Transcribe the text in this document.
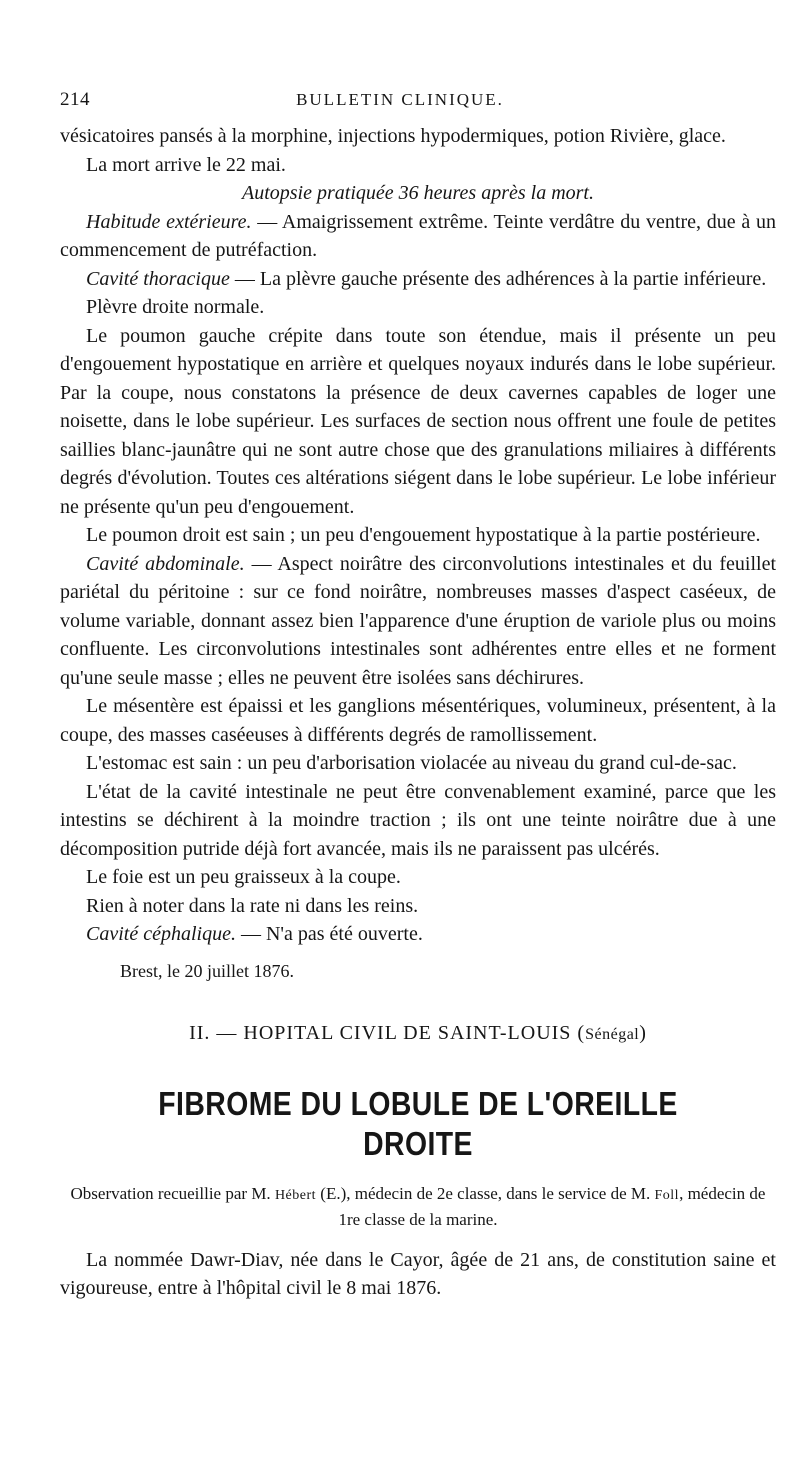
214	BULLETIN CLINIQUE.

vésicatoires pansés à la morphine, injections hypodermiques, potion Rivière, glace.

La mort arrive le 22 mai.

Autopsie pratiquée 36 heures après la mort.

Habitude extérieure. — Amaigrissement extrême. Teinte verdâtre du ventre, due à un commencement de putréfaction.

Cavité thoracique — La plèvre gauche présente des adhérences à la partie inférieure.

Plèvre droite normale.

Le poumon gauche crépite dans toute son étendue, mais il présente un peu d'engouement hypostatique en arrière et quelques noyaux indurés dans le lobe supérieur. Par la coupe, nous constatons la présence de deux cavernes capables de loger une noisette, dans le lobe supérieur. Les surfaces de section nous offrent une foule de petites saillies blanc-jaunâtre qui ne sont autre chose que des granulations miliaires à différents degrés d'évolution. Toutes ces altérations siégent dans le lobe supérieur. Le lobe inférieur ne présente qu'un peu d'engouement.

Le poumon droit est sain ; un peu d'engouement hypostatique à la partie postérieure.

Cavité abdominale. — Aspect noirâtre des circonvolutions intestinales et du feuillet pariétal du péritoine : sur ce fond noirâtre, nombreuses masses d'aspect caséeux, de volume variable, donnant assez bien l'apparence d'une éruption de variole plus ou moins confluente. Les circonvolutions intestinales sont adhérentes entre elles et ne forment qu'une seule masse ; elles ne peuvent être isolées sans déchirures.

Le mésentère est épaissi et les ganglions mésentériques, volumineux, présentent, à la coupe, des masses caséeuses à différents degrés de ramollissement.

L'estomac est sain : un peu d'arborisation violacée au niveau du grand cul-de-sac.

L'état de la cavité intestinale ne peut être convenablement examiné, parce que les intestins se déchirent à la moindre traction ; ils ont une teinte noirâtre due à une décomposition putride déjà fort avancée, mais ils ne paraissent pas ulcérés.

Le foie est un peu graisseux à la coupe.

Rien à noter dans la rate ni dans les reins.

Cavité céphalique. — N'a pas été ouverte.

Brest, le 20 juillet 1876.

II. — HOPITAL CIVIL DE SAINT-LOUIS (Sénégal)

FIBROME DU LOBULE DE L'OREILLE DROITE

Observation recueillie par M. Hébert (E.), médecin de 2e classe, dans le service de M. Foll, médecin de 1re classe de la marine.

La nommée Dawr-Diav, née dans le Cayor, âgée de 21 ans, de constitution saine et vigoureuse, entre à l'hôpital civil le 8 mai 1876.
